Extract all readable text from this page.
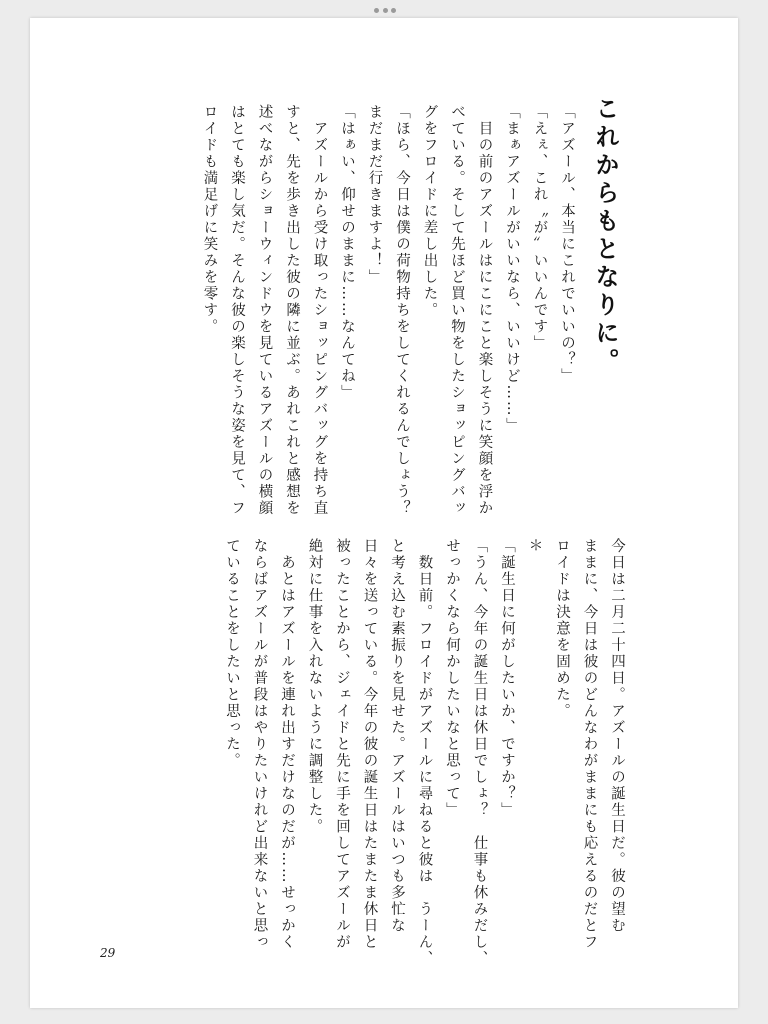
これからもとなりに。

「アズール、本当にこれでいいの？」

「えぇ、これ〝が〟いいんです」

「まぁアズールがいいなら、いいけど……」

　目の前のアズールはにこにこと楽しそうに笑顔を浮か

べている。そして先ほど買い物をしたショッピングバッ

グをフロイドに差し出した。

「ほら、今日は僕の荷物持ちをしてくれるんでしょう？

まだまだ行きますよ！」

「はぁい、仰せのままに……なんてね」

　アズールから受け取ったショッピングバッグを持ち直

すと、先を歩き出した彼の隣に並ぶ。あれこれと感想を

述べながらショーウィンドウを見ているアズールの横顔

はとても楽し気だ。そんな彼の楽しそうな姿を見て、フ

ロイドも満足げに笑みを零す。

今日は二月二十四日。アズールの誕生日だ。彼の望む

ままに、今日は彼のどんなわがままにも応えるのだとフ

ロイドは決意を固めた。

＊

「誕生日に何がしたいか、ですか？」

「うん、今年の誕生日は休日でしょ？　仕事も休みだし、

せっかくなら何かしたいなと思って」

　数日前。フロイドがアズールに尋ねると彼は　うーん、

と考え込む素振りを見せた。アズールはいつも多忙な

日々を送っている。今年の彼の誕生日はたまたま休日と

被ったことから、ジェイドと先に手を回してアズールが

絶対に仕事を入れないように調整した。

　あとはアズールを連れ出すだけなのだが……せっかく

ならばアズールが普段はやりたいけれど出来ないと思っ

ていることをしたいと思った。

29
